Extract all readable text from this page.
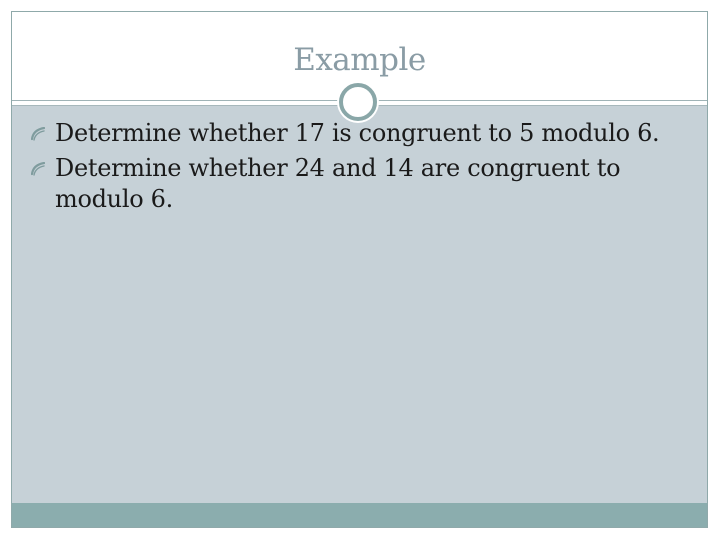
Example
Determine whether 17 is congruent to 5 modulo 6.
Determine whether 24 and 14 are congruent to modulo 6.
